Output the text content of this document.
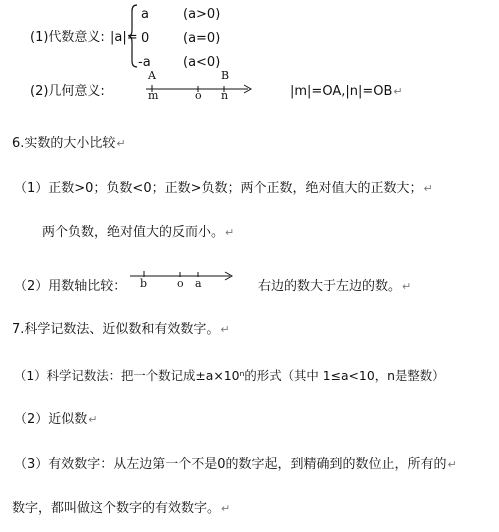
(1)代数意义: |a|=
a	(a>0)
0	(a=0)
-a (a<0)
(2)几何意义:
A	B
m	o n	|m|=OA,|n|=OB↵
6.实数的大小比较↵
（1）正数>0；负数<0；正数>负数；两个正数，绝对值大的正数大；↵
两个负数，绝对值大的反而小。↵
（2）用数轴比较： b	o a	右边的数大于左边的数。↵
7.科学记数法、近似数和有效数字。↵
（1）科学记数法：把一个数记成±a×10ⁿ的形式（其中 1≤a<10，n是整数）
（2）近似数↵
（3）有效数字：从左边第一个不是0的数字起，到精确到的数位止，所有的↵
数字，都叫做这个数字的有效数字。↵
